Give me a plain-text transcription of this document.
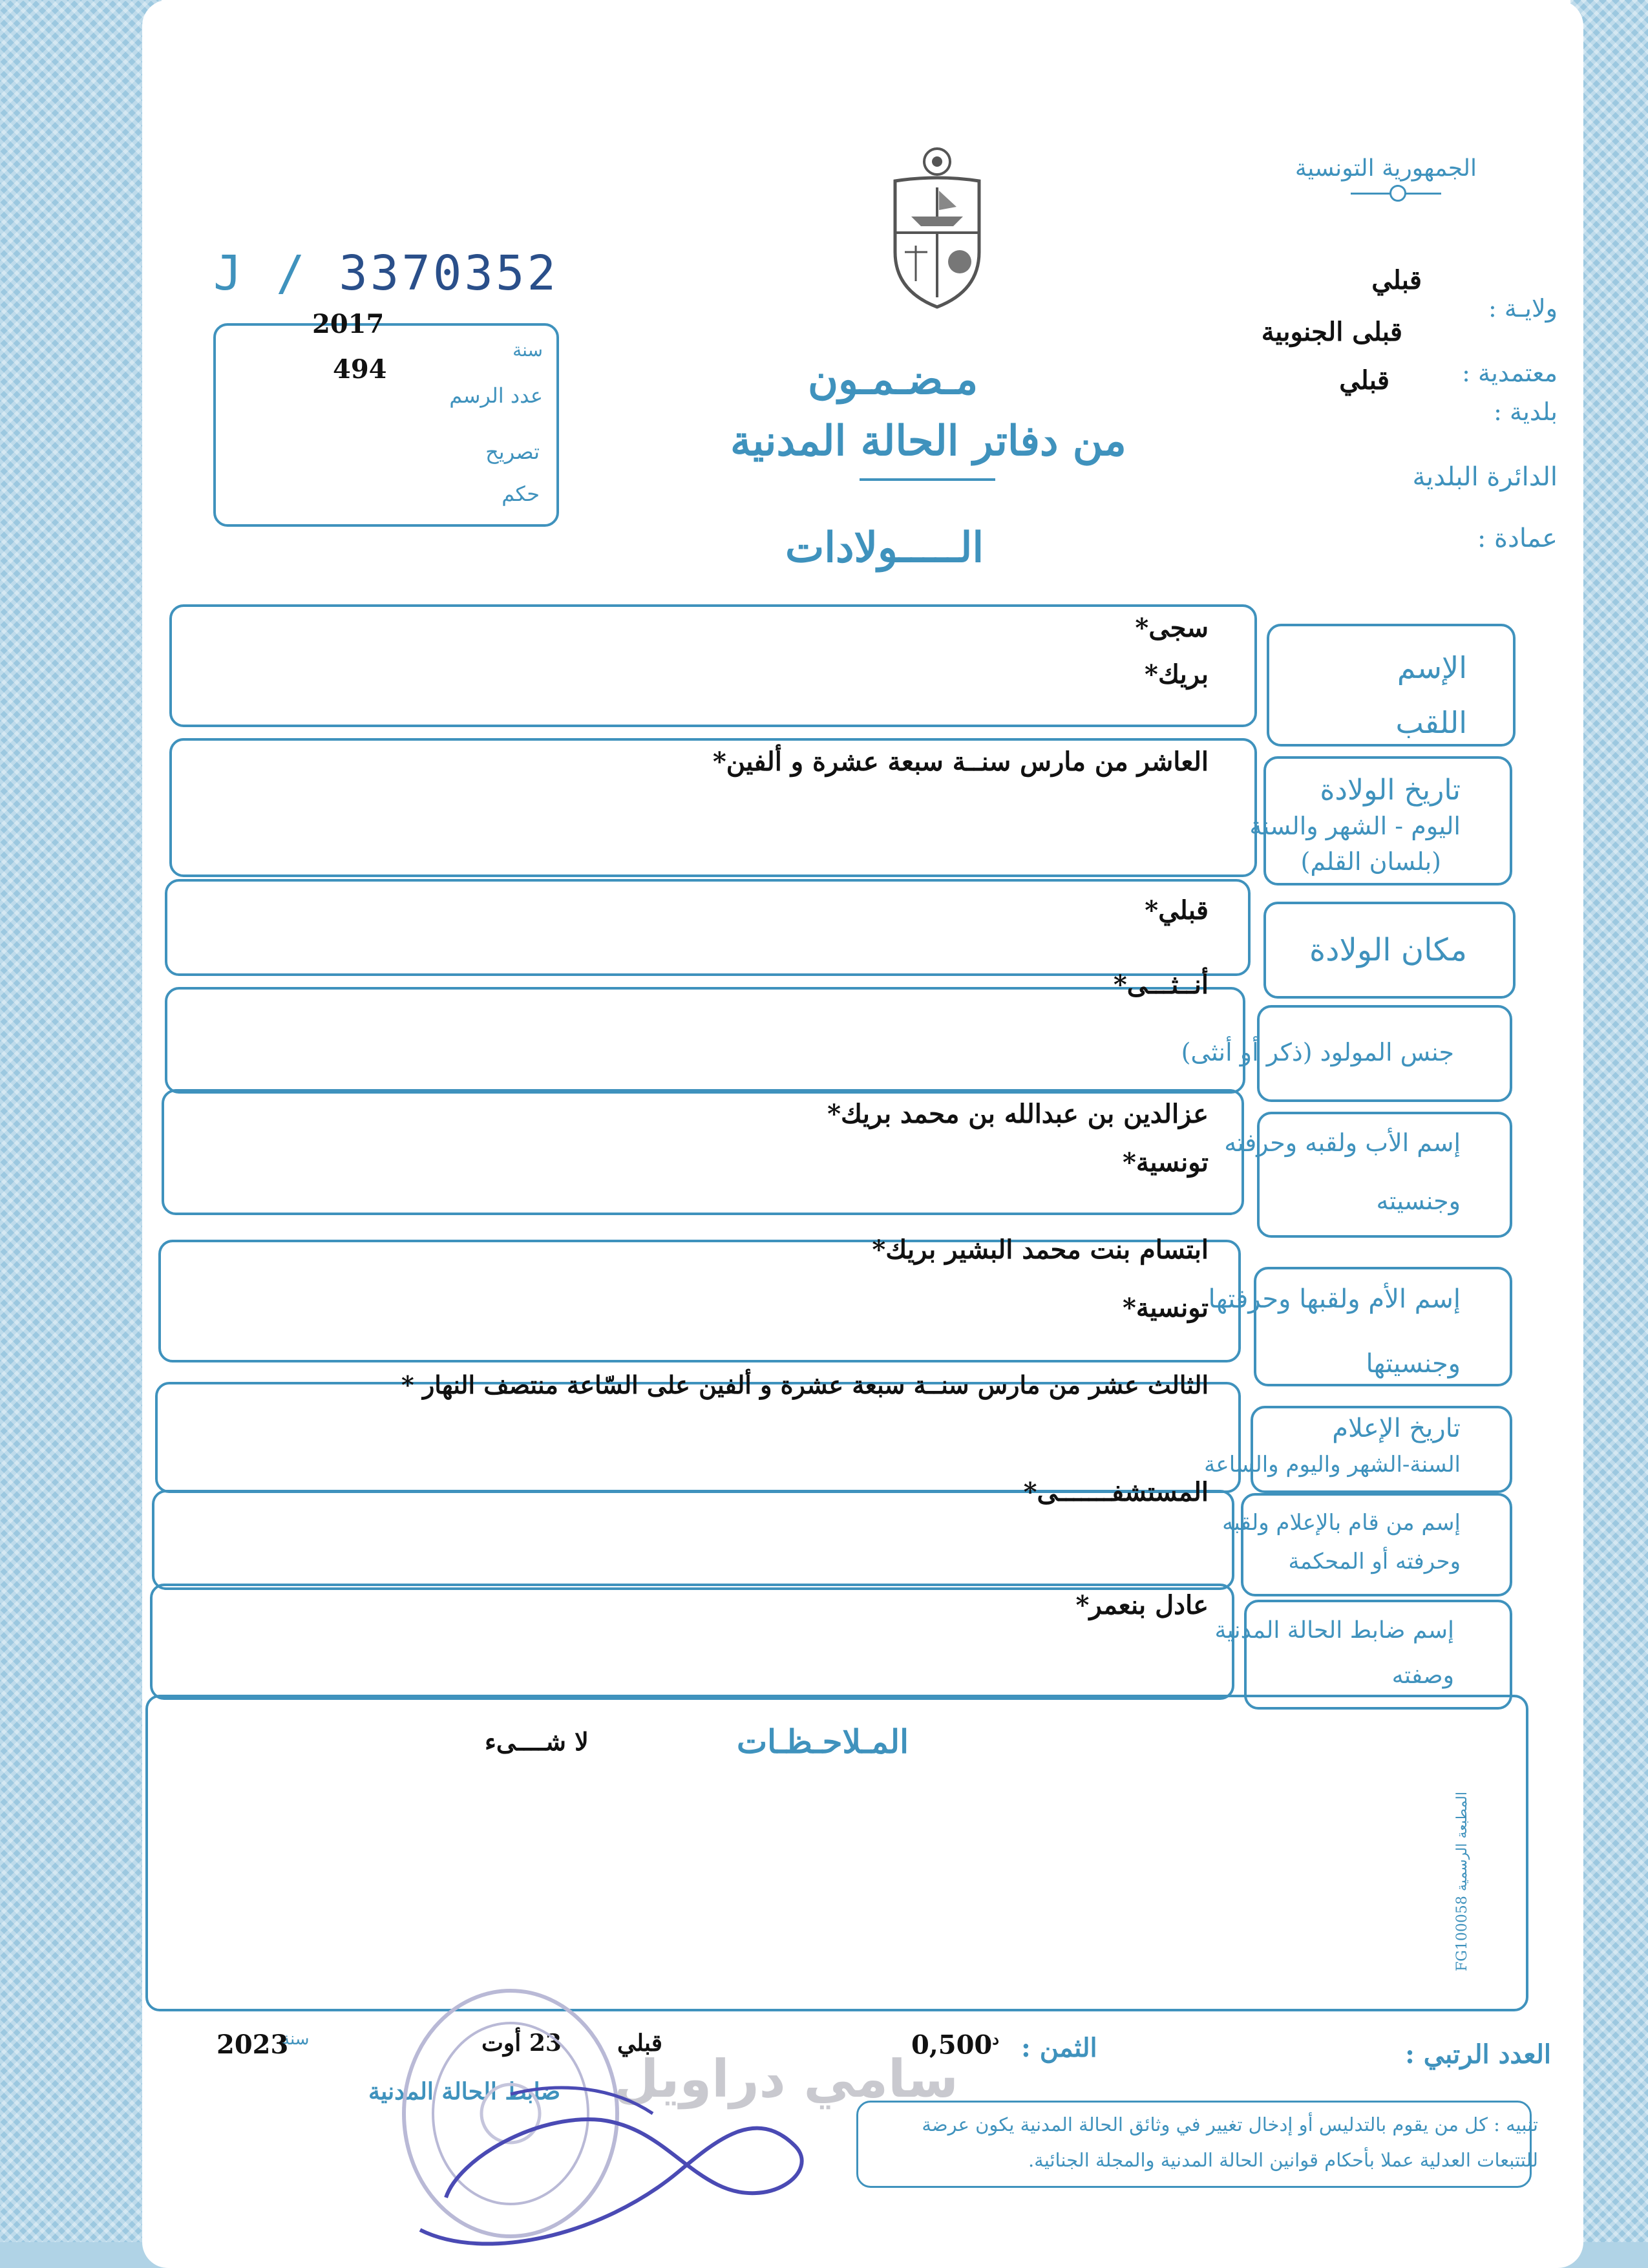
الجمهورية التونسية
J / 3370352
سنة
2017
عدد الرسم
494
تصريح
حكم
قبلي
ولايـة :
قبلى الجنوبية
معتمدية :
قبلي
بلدية :
الدائرة البلدية
عمادة :
مـضـمـون
من دفاتر الحالة المدنية
الـــــولادات
الإسم
اللقب
سجى*
بريك*
تاريخ الولادة
اليوم - الشهر والسنة
(بلسان القلم)
العاشر من مارس سنــة سبعة عشرة و ألفين*
مكان الولادة
قبلي*
جنس المولود (ذكر أو أنثى)
أنــثـــى*
إسم الأب ولقبه وحرفته
وجنسيته
عزالدين بن عبدالله بن محمد بريك*
تونسية*
إسم الأم ولقبها وحرفتها
وجنسيتها
ابتسام بنت محمد البشير بريك*
تونسية*
تاريخ الإعلام
السنة-الشهر واليوم والساعة
الثالث عشر من مارس سنــة سبعة عشرة و ألفين على السّاعة منتصف النهار *
إسم من قام بالإعلام ولقبه
وحرفته أو المحكمة
المستشفـــــــى*
إسم ضابط الحالة المدنية
وصفته
عادل بنعمر*
المـلاحـظـات
لا شــــىء
المطبعة الرسمية FG100058
العدد الرتبي :
الثمن :
$^د$0,500
قبلي
23 أوت
سنة
2023
ضابط الحالة المدنية سامي دراويل
تنبيه : كل من يقوم بالتدليس أو إدخال تغيير في وثائق الحالة المدنية يكون عرضة
للتتبعات العدلية عملا بأحكام قوانين الحالة المدنية والمجلة الجنائية.
